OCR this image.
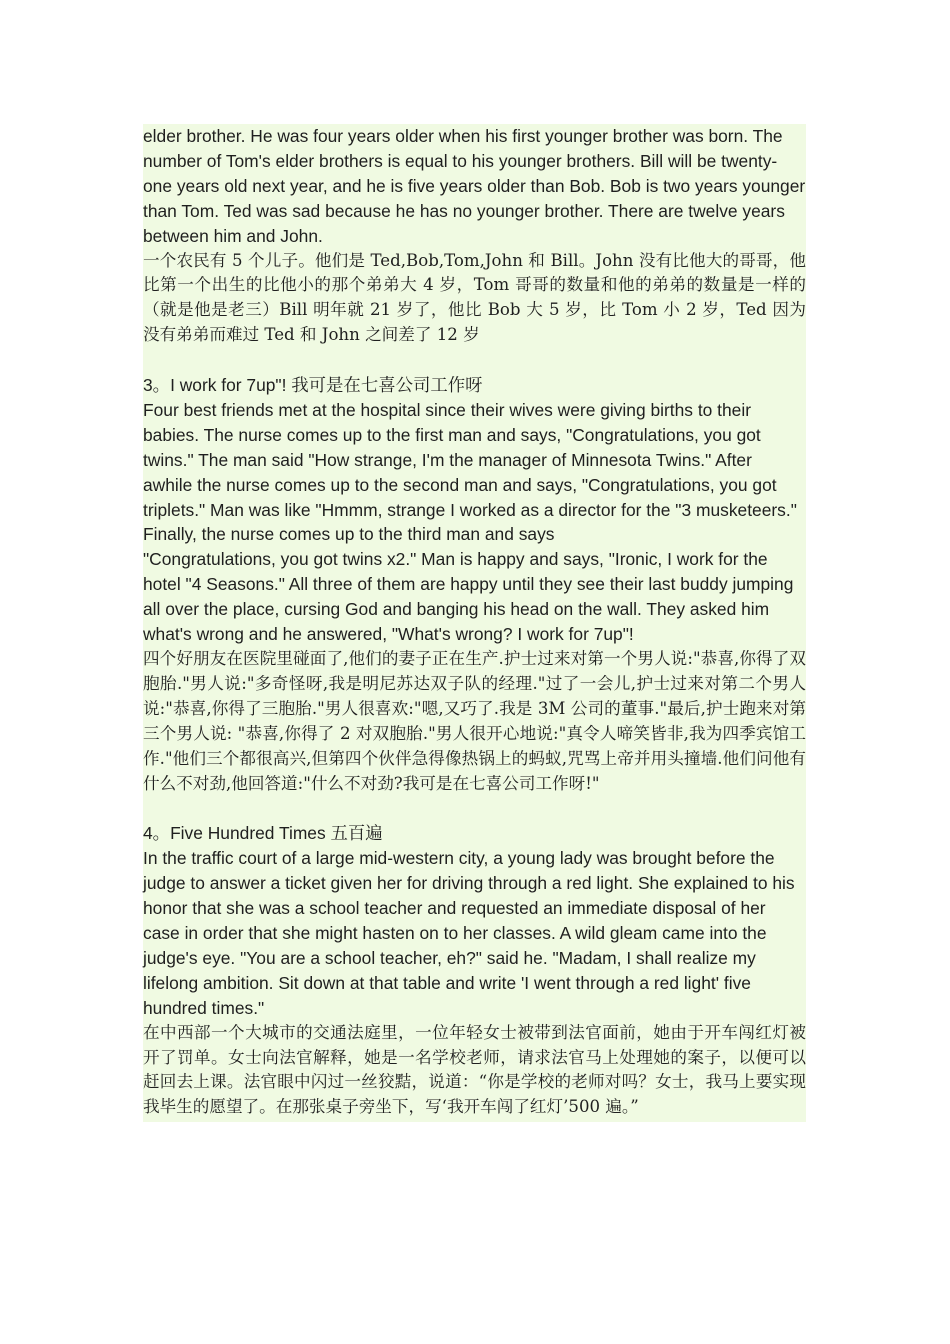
elder brother. He was four years older when his first younger brother was born. The number of Tom's elder brothers is equal to his younger brothers. Bill will be twenty-one years old next year, and he is five years older than Bob. Bob is two years younger than Tom. Ted was sad because he has no younger brother. There are twelve years between him and John.

一个农民有 5 个儿子。他们是 Ted,Bob,Tom,John 和 Bill。John 没有比他大的哥哥，他比第一个出生的比他小的那个弟弟大 4 岁，Tom 哥哥的数量和他的弟弟的数量是一样的（就是他是老三）Bill 明年就 21 岁了，他比 Bob 大 5 岁，比 Tom 小 2 岁，Ted 因为没有弟弟而难过 Ted 和 John 之间差了 12 岁

3。I work for 7up"! 我可是在七喜公司工作呀

Four best friends met at the hospital since their wives were giving births to their babies. The nurse comes up to the first man and says, "Congratulations, you got twins." The man said "How strange, I'm the manager of Minnesota Twins." After awhile the nurse comes up to the second man and says, "Congratulations, you got triplets." Man was like "Hmmm, strange I worked as a director for the "3 musketeers." Finally, the nurse comes up to the third man and says

"Congratulations, you got twins x2." Man is happy and says, "Ironic, I work for the hotel "4 Seasons." All three of them are happy until they see their last buddy jumping all over the place, cursing God and banging his head on the wall. They asked him what's wrong and he answered, "What's wrong? I work for 7up"!

四个好朋友在医院里碰面了,他们的妻子正在生产.护士过来对第一个男人说:"恭喜,你得了双胞胎."男人说:"多奇怪呀,我是明尼苏达双子队的经理."过了一会儿,护士过来对第二个男人说:"恭喜,你得了三胞胎."男人很喜欢:"嗯,又巧了.我是 3M 公司的董事."最后,护士跑来对第三个男人说: "恭喜,你得了 2 对双胞胎."男人很开心地说:"真令人啼笑皆非,我为四季宾馆工作."他们三个都很高兴,但第四个伙伴急得像热锅上的蚂蚁,咒骂上帝并用头撞墙.他们问他有什么不对劲,他回答道:"什么不对劲?我可是在七喜公司工作呀!"

4。Five Hundred Times 五百遍

In the traffic court of a large mid-western city, a young lady was brought before the judge to answer a ticket given her for driving through a red light. She explained to his honor that she was a school teacher and requested an immediate disposal of her case in order that she might hasten on to her classes. A wild gleam came into the judge's eye. "You are a school teacher, eh?" said he. "Madam, I shall realize my lifelong ambition. Sit down at that table and write 'I went through a red light' five hundred times."

在中西部一个大城市的交通法庭里，一位年轻女士被带到法官面前，她由于开车闯红灯被开了罚单。女士向法官解释，她是一名学校老师，请求法官马上处理她的案子，以便可以赶回去上课。法官眼中闪过一丝狡黠，说道：“你是学校的老师对吗？女士，我马上要实现我毕生的愿望了。在那张桌子旁坐下，写‘我开车闯了红灯’500 遍。”
